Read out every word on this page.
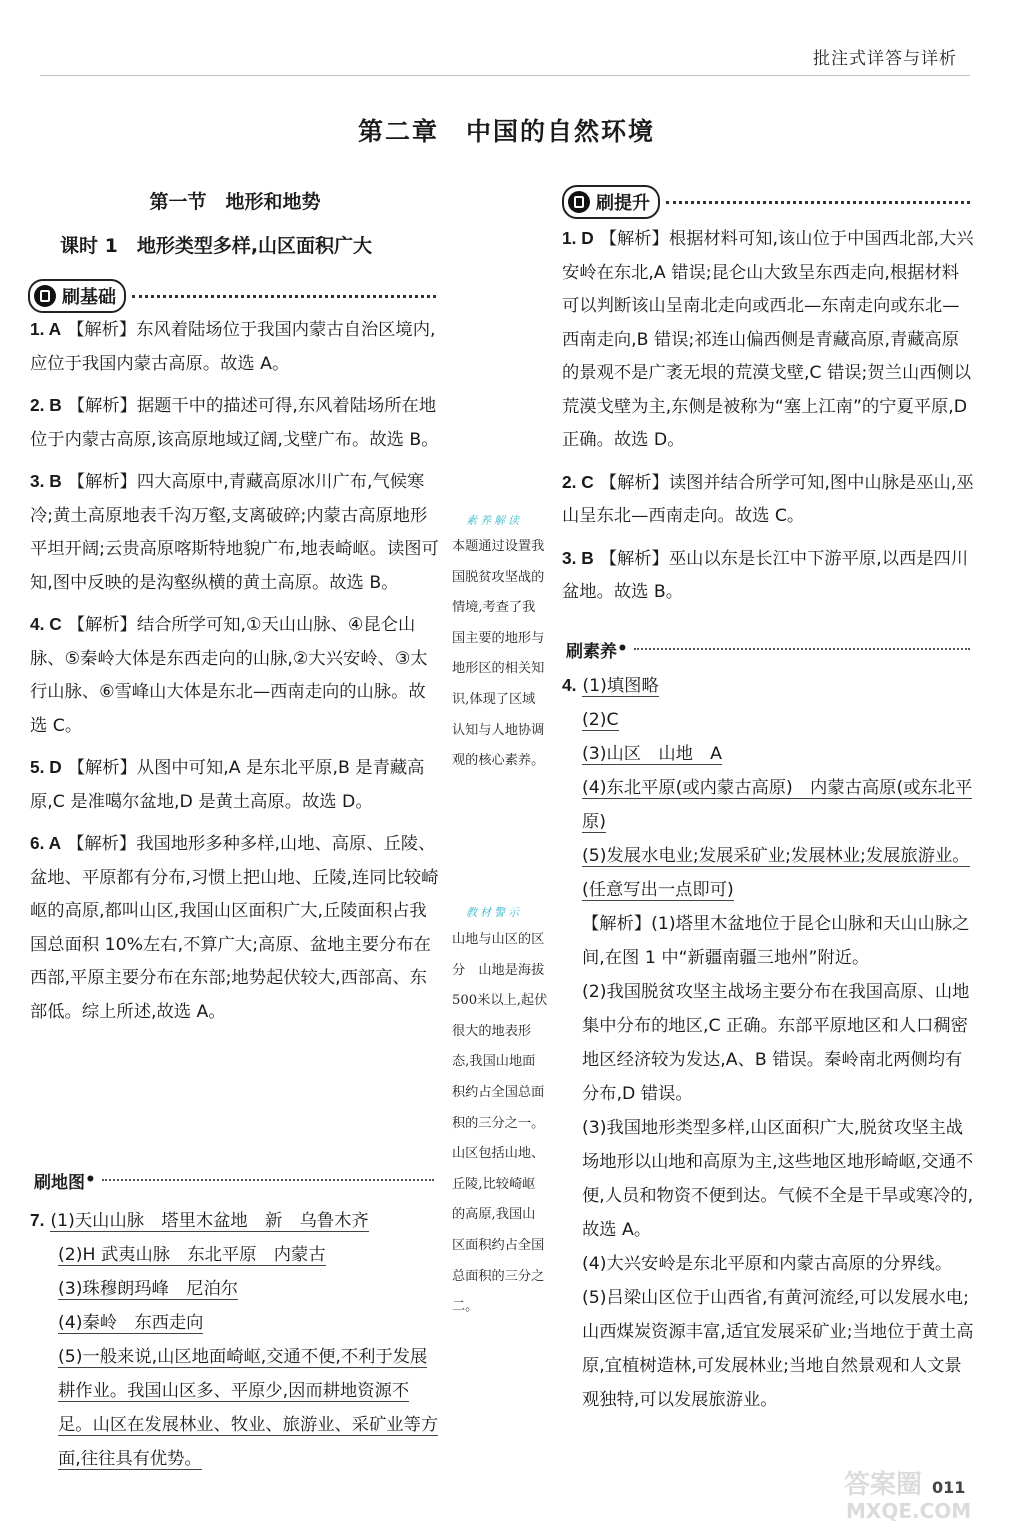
批注式详答与详析
第二章　中国的自然环境
第一节　地形和地势
课时 1　地形类型多样,山区面积广大
刷基础

1. A 【解析】东风着陆场位于我国内蒙古自治区境内,应位于我国内蒙古高原。故选 A。

2. B 【解析】据题干中的描述可得,东风着陆场所在地位于内蒙古高原,该高原地域辽阔,戈壁广布。故选 B。

3. B 【解析】四大高原中,青藏高原冰川广布,气候寒冷;黄土高原地表千沟万壑,支离破碎;内蒙古高原地形平坦开阔;云贵高原喀斯特地貌广布,地表崎岖。读图可知,图中反映的是沟壑纵横的黄土高原。故选 B。

4. C 【解析】结合所学可知,①天山山脉、④昆仑山脉、⑤秦岭大体是东西走向的山脉,②大兴安岭、③太行山脉、⑥雪峰山大体是东北—西南走向的山脉。故选 C。

5. D 【解析】从图中可知,A 是东北平原,B 是青藏高原,C 是准噶尔盆地,D 是黄土高原。故选 D。

6. A 【解析】我国地形多种多样,山地、高原、丘陵、盆地、平原都有分布,习惯上把山地、丘陵,连同比较崎岖的高原,都叫山区,我国山区面积广大,丘陵面积占我国总面积 10%左右,不算广大;高原、盆地主要分布在西部,平原主要分布在东部;地势起伏较大,西部高、东部低。综上所述,故选 A。

刷地图 •

7. (1)天山山脉　塔里木盆地　新　乌鲁木齐

(2)H 武夷山脉　东北平原　内蒙古

(3)珠穆朗玛峰　尼泊尔

(4)秦岭　东西走向

(5)一般来说,山区地面崎岖,交通不便,不利于发展耕作业。我国山区多、平原少,因而耕地资源不足。山区在发展林业、牧业、旅游业、采矿业等方面,往往具有优势。

素养解读
本题通过设置我国脱贫攻坚战的情境,考查了我国主要的地形与地形区的相关知识,体现了区域认知与人地协调观的核心素养。
教材警示
山地与山区的区分　山地是海拔500米以上,起伏很大的地表形态,我国山地面积约占全国总面积的三分之一。山区包括山地、丘陵,比较崎岖的高原,我国山区面积约占全国总面积的三分之二。
刷提升

1. D 【解析】根据材料可知,该山位于中国西北部,大兴安岭在东北,A 错误;昆仑山大致呈东西走向,根据材料可以判断该山呈南北走向或西北—东南走向或东北—西南走向,B 错误;祁连山偏西侧是青藏高原,青藏高原的景观不是广袤无垠的荒漠戈壁,C 错误;贺兰山西侧以荒漠戈壁为主,东侧是被称为“塞上江南”的宁夏平原,D 正确。故选 D。

2. C 【解析】读图并结合所学可知,图中山脉是巫山,巫山呈东北—西南走向。故选 C。

3. B 【解析】巫山以东是长江中下游平原,以西是四川盆地。故选 B。

刷素养 •

4. (1)填图略

(2)C

(3)山区　山地　A

(4)东北平原(或内蒙古高原)　内蒙古高原(或东北平原)

(5)发展水电业;发展采矿业;发展林业;发展旅游业。(任意写出一点即可)

【解析】(1)塔里木盆地位于昆仑山脉和天山山脉之间,在图 1 中“新疆南疆三地州”附近。

(2)我国脱贫攻坚主战场主要分布在我国高原、山地集中分布的地区,C 正确。东部平原地区和人口稠密地区经济较为发达,A、B 错误。秦岭南北两侧均有分布,D 错误。

(3)我国地形类型多样,山区面积广大,脱贫攻坚主战场地形以山地和高原为主,这些地区地形崎岖,交通不便,人员和物资不便到达。气候不全是干旱或寒冷的,故选 A。

(4)大兴安岭是东北平原和内蒙古高原的分界线。

(5)吕梁山区位于山西省,有黄河流经,可以发展水电;山西煤炭资源丰富,适宜发展采矿业;当地位于黄土高原,宜植树造林,可发展林业;当地自然景观和人文景观独特,可以发展旅游业。

答案圈
MXQE.COM
011
